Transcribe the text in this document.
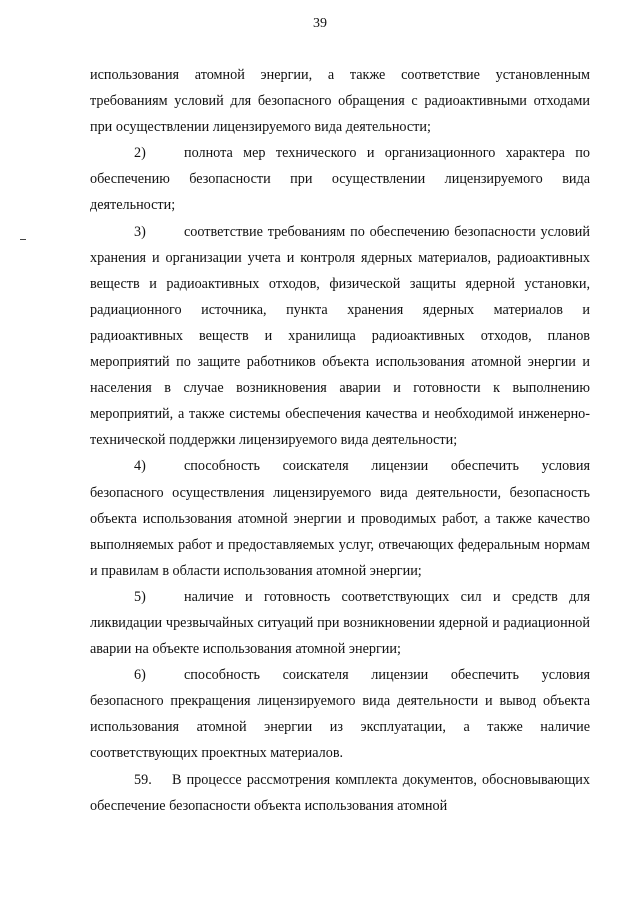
39

использования атомной энергии, а также соответствие установленным требованиям условий для безопасного обращения с радиоактивными отходами при осуществлении лицензируемого вида деятельности;

2)	полнота мер технического и организационного характера по обеспечению безопасности при осуществлении лицензируемого вида деятельности;

3)	соответствие требованиям по обеспечению безопасности условий хранения и организации учета и контроля ядерных материалов, радиоактивных веществ и радиоактивных отходов, физической защиты ядерной установки, радиационного источника, пункта хранения ядерных материалов и радиоактивных веществ и хранилища радиоактивных отходов, планов мероприятий по защите работников объекта использования атомной энергии и населения в случае возникновения аварии и готовности к выполнению мероприятий, а также системы обеспечения качества и необходимой инженерно-технической поддержки лицензируемого вида деятельности;

4)	способность соискателя лицензии обеспечить условия безопасного осуществления лицензируемого вида деятельности, безопасность объекта использования атомной энергии и проводимых работ, а также качество выполняемых работ и предоставляемых услуг, отвечающих федеральным нормам и правилам в области использования атомной энергии;

5)	наличие и готовность соответствующих сил и средств для ликвидации чрезвычайных ситуаций при возникновении ядерной и радиационной аварии на объекте использования атомной энергии;

6)	способность соискателя лицензии обеспечить условия безопасного прекращения лицензируемого вида деятельности и вывод объекта использования атомной энергии из эксплуатации, а также наличие соответствующих проектных материалов.

59. В процессе рассмотрения комплекта документов, обосновывающих обеспечение безопасности объекта использования атомной
